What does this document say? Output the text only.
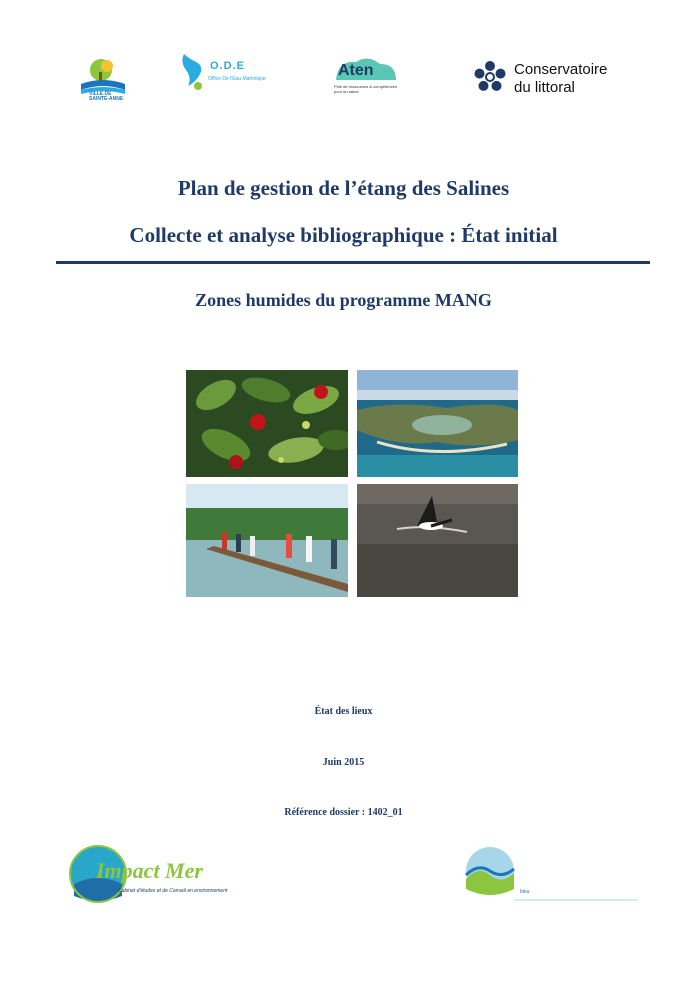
VILLE DE SAINTE-ANNE
O.D.E
Office De l'Eau Martinique	Aten
Pôle de ressources & compétences pour la nature
Conservatoire
du littoral
Plan de gestion de l’étang des Salines
Collecte et analyse bibliographique : État initial
Zones humides du programme MANG
État des lieux
Juin 2015
Référence dossier : 1402_01
Impact Mer
Cabinet d'études et de Conseil en environnement	bleu
